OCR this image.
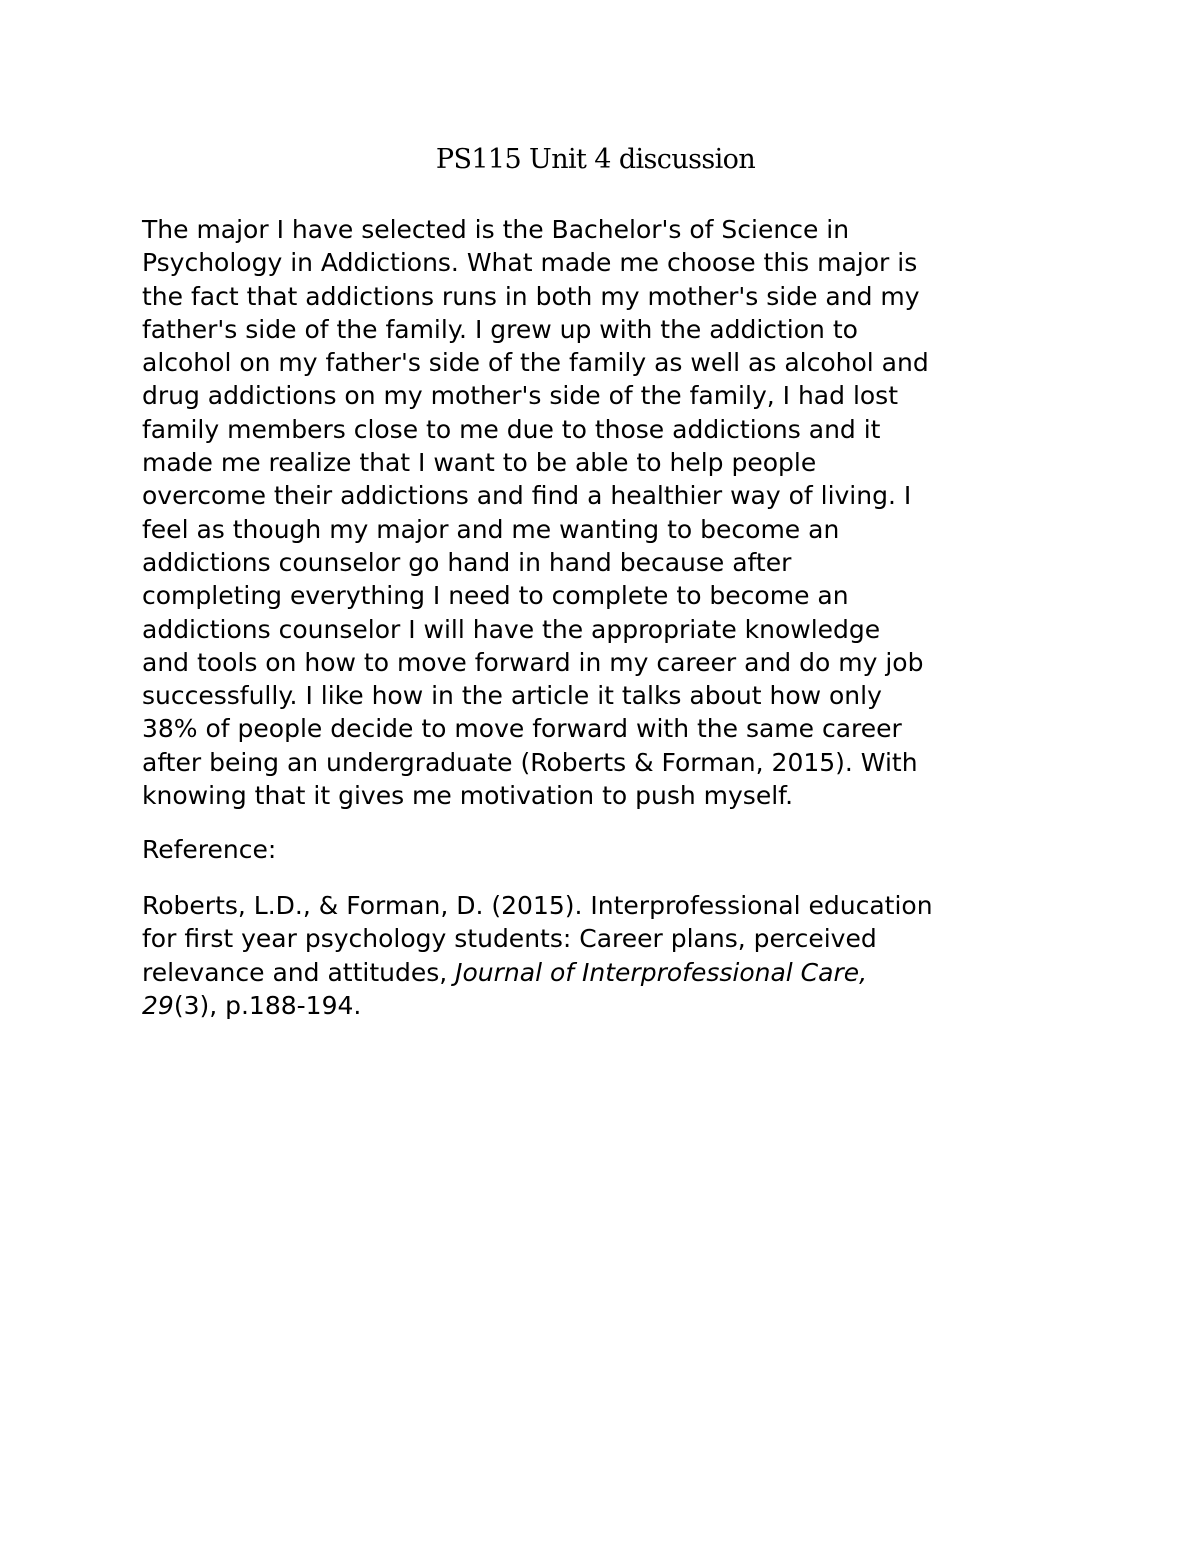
PS115 Unit 4 discussion
The major I have selected is the Bachelor's of Science in
Psychology in Addictions. What made me choose this major is
the fact that addictions runs in both my mother's side and my
father's side of the family. I grew up with the addiction to
alcohol on my father's side of the family as well as alcohol and
drug addictions on my mother's side of the family, I had lost
family members close to me due to those addictions and it
made me realize that I want to be able to help people
overcome their addictions and find a healthier way of living. I
feel as though my major and me wanting to become an
addictions counselor go hand in hand because after
completing everything I need to complete to become an
addictions counselor I will have the appropriate knowledge
and tools on how to move forward in my career and do my job
successfully. I like how in the article it talks about how only
38% of people decide to move forward with the same career
after being an undergraduate (Roberts & Forman, 2015). With
knowing that it gives me motivation to push myself.
Reference:
Roberts, L.D., & Forman, D. (2015). Interprofessional education
for first year psychology students: Career plans, perceived
relevance and attitudes, Journal of Interprofessional Care,
29(3), p.188-194.
